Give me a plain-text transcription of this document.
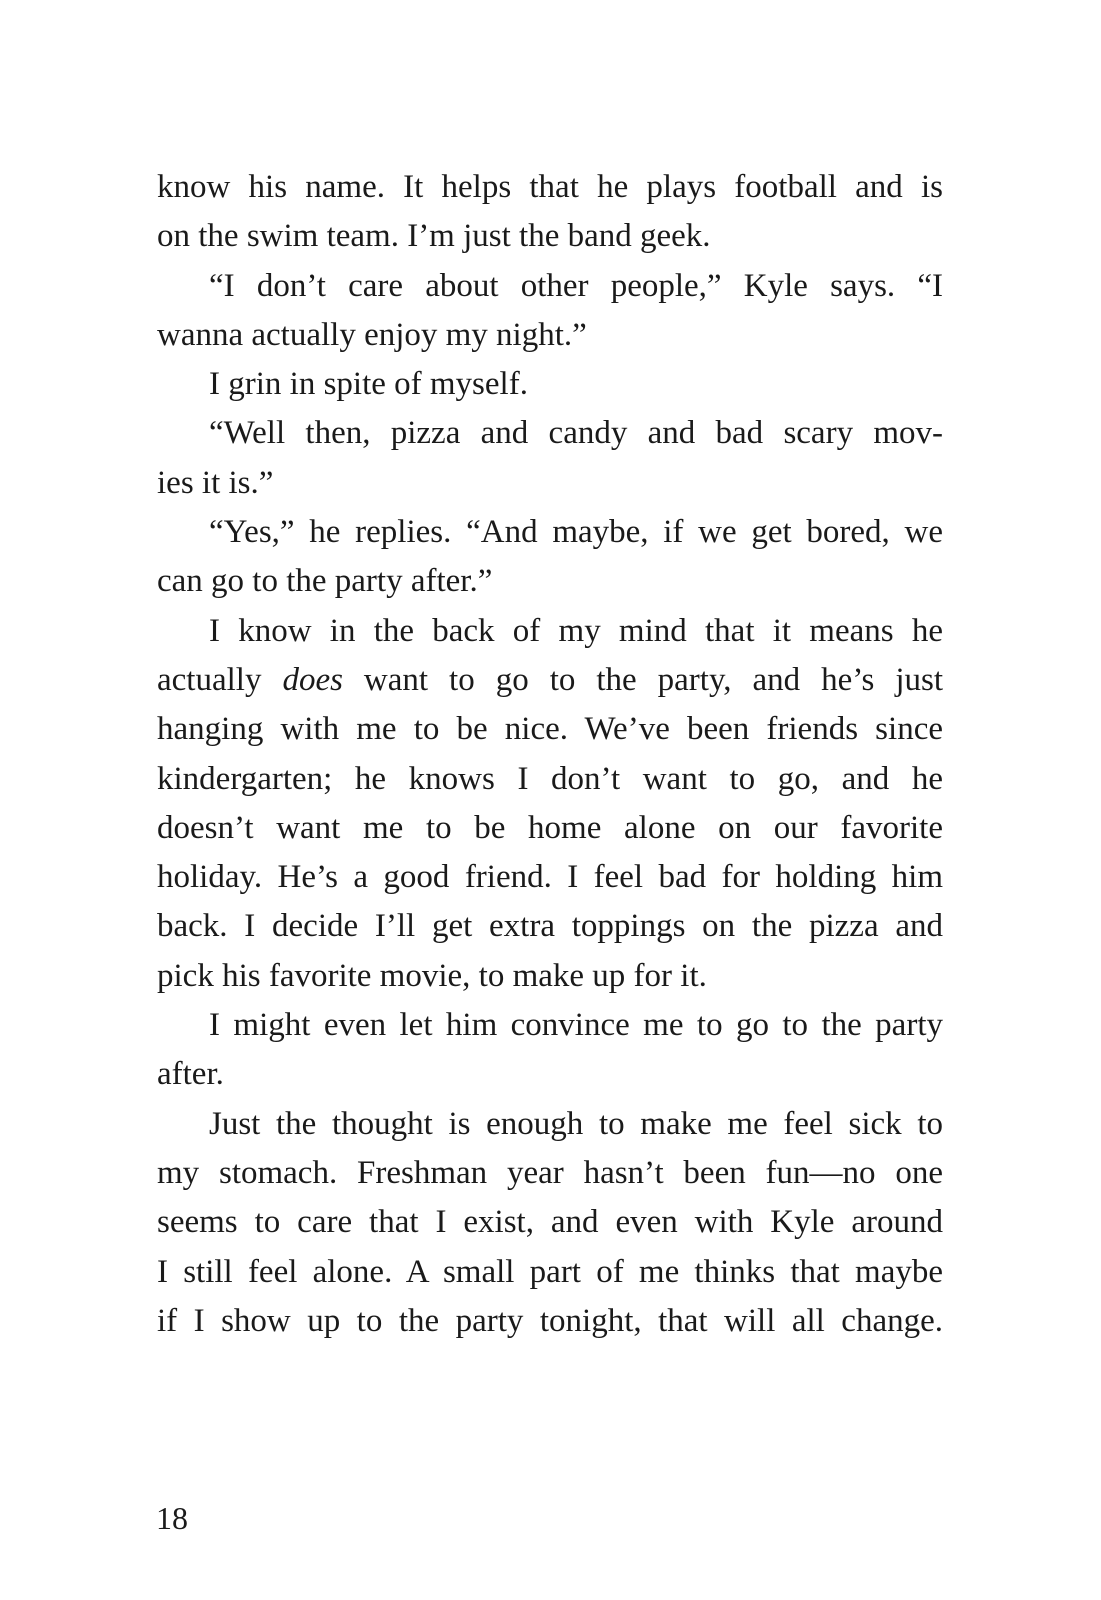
know his name. It helps that he plays football and is
on the swim team. I’m just the band geek.
“I don’t care about other people,” Kyle says. “I
wanna actually enjoy my night.”
I grin in spite of myself.
“Well then, pizza and candy and bad scary mov-
ies it is.”
“Yes,” he replies. “And maybe, if we get bored, we
can go to the party after.”
I know in the back of my mind that it means he
actually does want to go to the party, and he’s just
hanging with me to be nice. We’ve been friends since
kindergarten; he knows I don’t want to go, and he
doesn’t want me to be home alone on our favorite
holiday. He’s a good friend. I feel bad for holding him
back. I decide I’ll get extra toppings on the pizza and
pick his favorite movie, to make up for it.
I might even let him convince me to go to the party
after.
Just the thought is enough to make me feel sick to
my stomach. Freshman year hasn’t been fun—no one
seems to care that I exist, and even with Kyle around
I still feel alone. A small part of me thinks that maybe
if I show up to the party tonight, that will all change.
18
